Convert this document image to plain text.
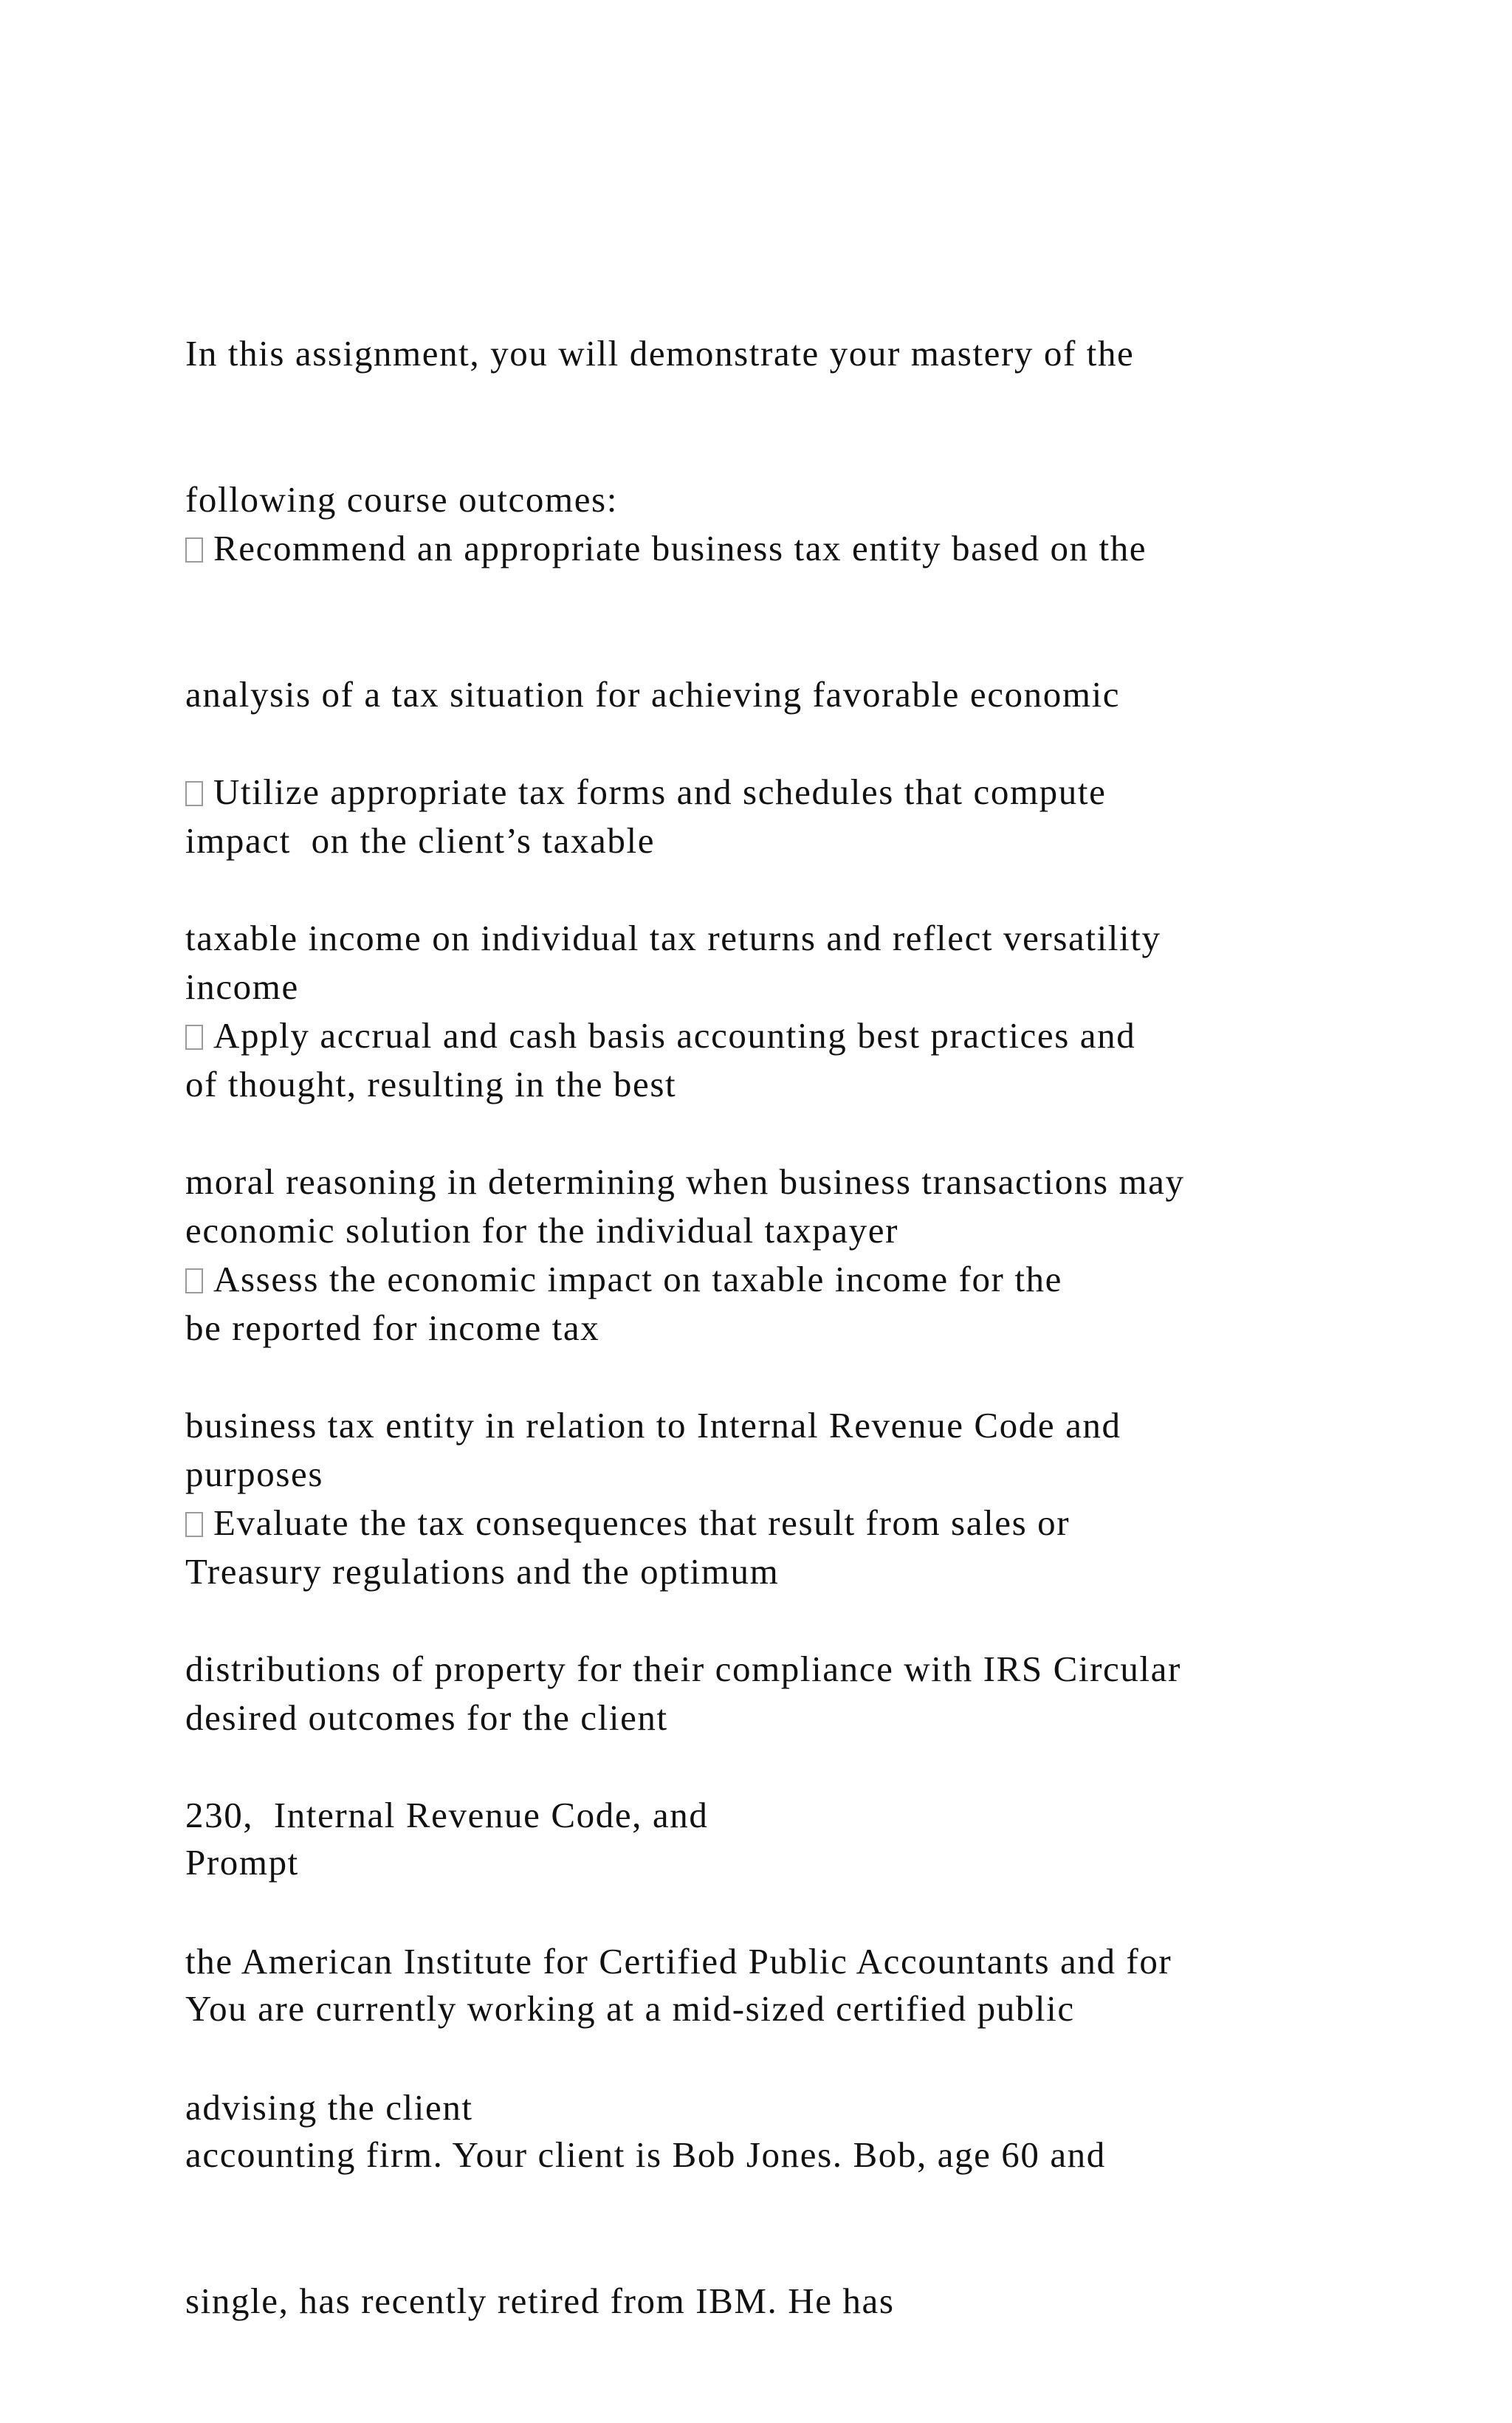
In this assignment, you will demonstrate your mastery of the

following course outcomes:

Recommend an appropriate business tax entity based on the

analysis of a tax situation for achieving favorable economic

impact  on the client’s taxable

income

Utilize appropriate tax forms and schedules that compute

taxable income on individual tax returns and reflect versatility

of thought, resulting in the best

economic solution for the individual taxpayer

Apply accrual and cash basis accounting best practices and

moral reasoning in determining when business transactions may

be reported for income tax

purposes

Assess the economic impact on taxable income for the

business tax entity in relation to Internal Revenue Code and

Treasury regulations and the optimum

desired outcomes for the client

Evaluate the tax consequences that result from sales or

distributions of property for their compliance with IRS Circular

230,  Internal Revenue Code, and

the American Institute for Certified Public Accountants and for

advising the client

Prompt

You are currently working at a mid-sized certified public

accounting firm. Your client is Bob Jones. Bob, age 60 and

single, has recently retired from IBM. He has
